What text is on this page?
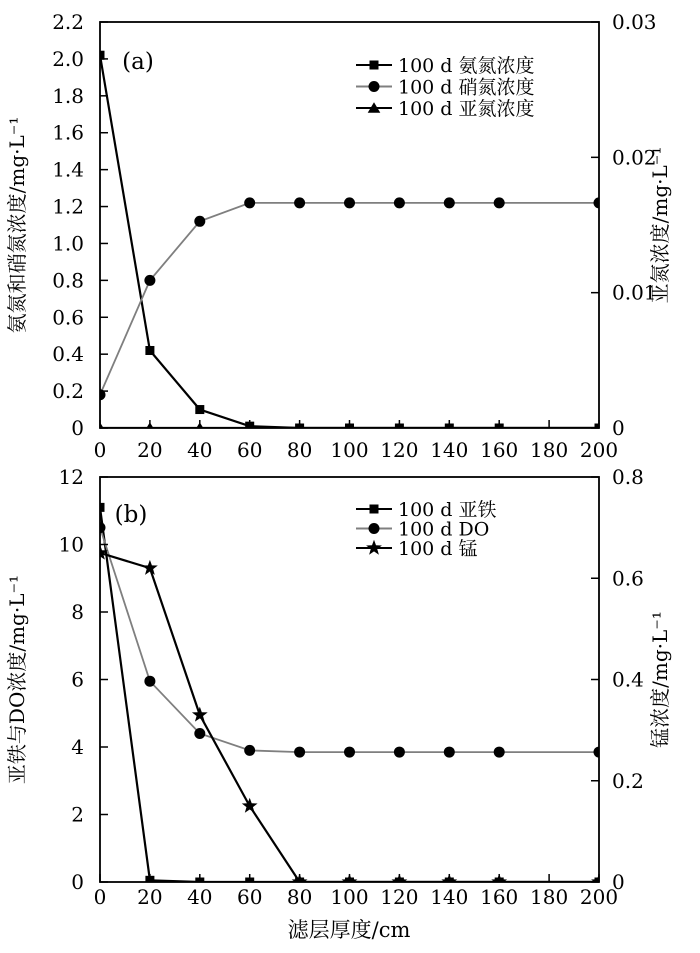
0
0.2
0.4
0.6
0.8
1.0
1.2
1.4
1.6
1.8
2.0
2.2
0
0.01
0.02
0.03
0 20 40 60 80 100 120 140 160 180 200
氨氮和硝氮浓度/mg·L⁻¹	亚氮浓度/mg·L⁻¹
(a)	100 d 氨氮浓度
100 d 硝氮浓度
100 d 亚氮浓度
0
2
4
6
8
10
12
0
0.2
0.4
0.6
0.8
0 20 40 60 80 100 120 140 160 180 200
亚铁与DO浓度/mg·L⁻¹	锰浓度/mg·L⁻¹
(b)	100 d 亚铁
100 d DO
100 d 锰
滤层厚度/cm
